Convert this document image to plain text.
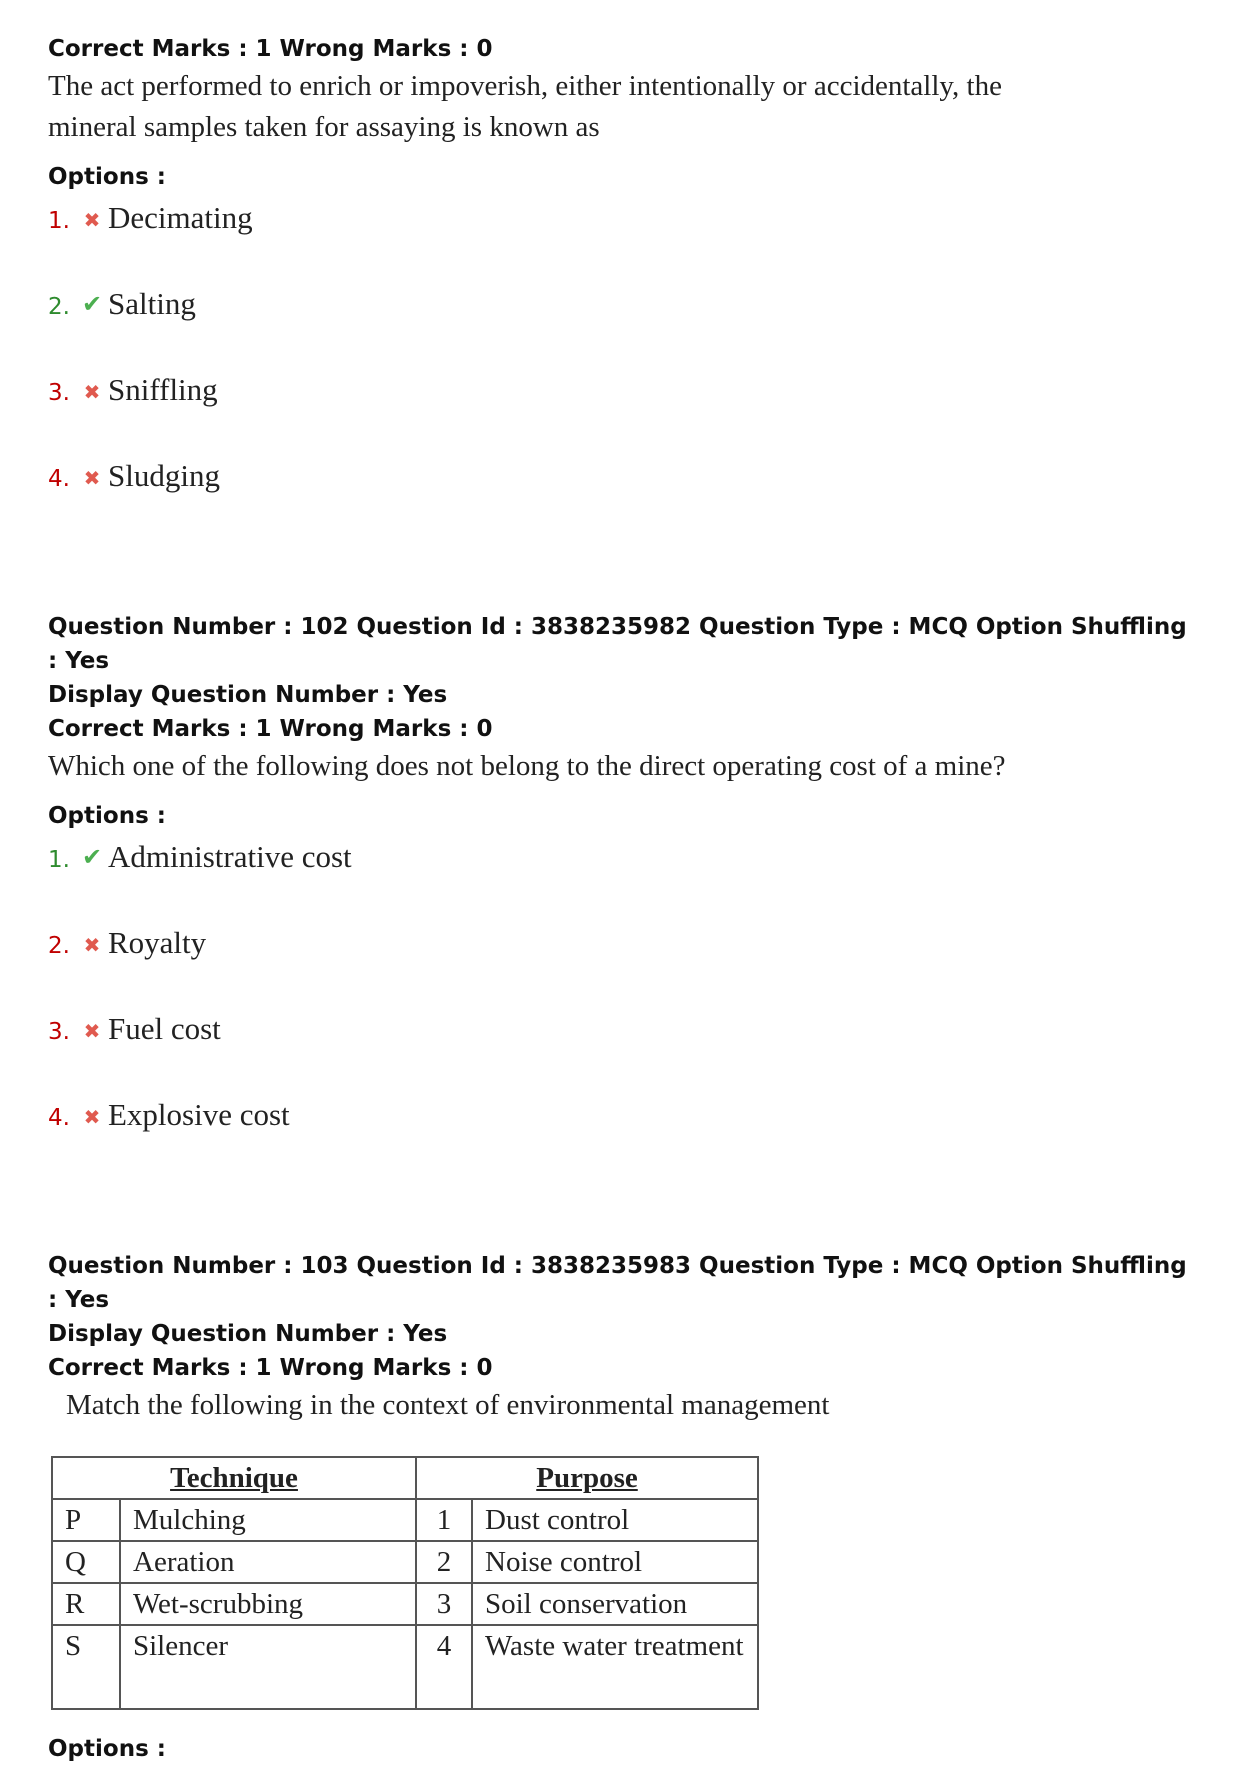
Correct Marks : 1 Wrong Marks : 0
The act performed to enrich or impoverish, either intentionally or accidentally, the
mineral samples taken for assaying is known as
Options :
1. ✖ Decimating
2. ✔ Salting
3. ✖ Sniffling
4. ✖ Sludging
Question Number : 102 Question Id : 3838235982 Question Type : MCQ Option Shuffling : Yes
Display Question Number : Yes
Correct Marks : 1 Wrong Marks : 0
Which one of the following does not belong to the direct operating cost of a mine?
Options :
1. ✔ Administrative cost
2. ✖ Royalty
3. ✖ Fuel cost
4. ✖ Explosive cost
Question Number : 103 Question Id : 3838235983 Question Type : MCQ Option Shuffling : Yes
Display Question Number : Yes
Correct Marks : 1 Wrong Marks : 0
Match the following in the context of environmental management
Technique		Purpose	
P	Mulching	1	Dust control
Q	Aeration	2	Noise control
R	Wet-scrubbing	3	Soil conservation
S	Silencer	4	Waste water treatment
Options :
